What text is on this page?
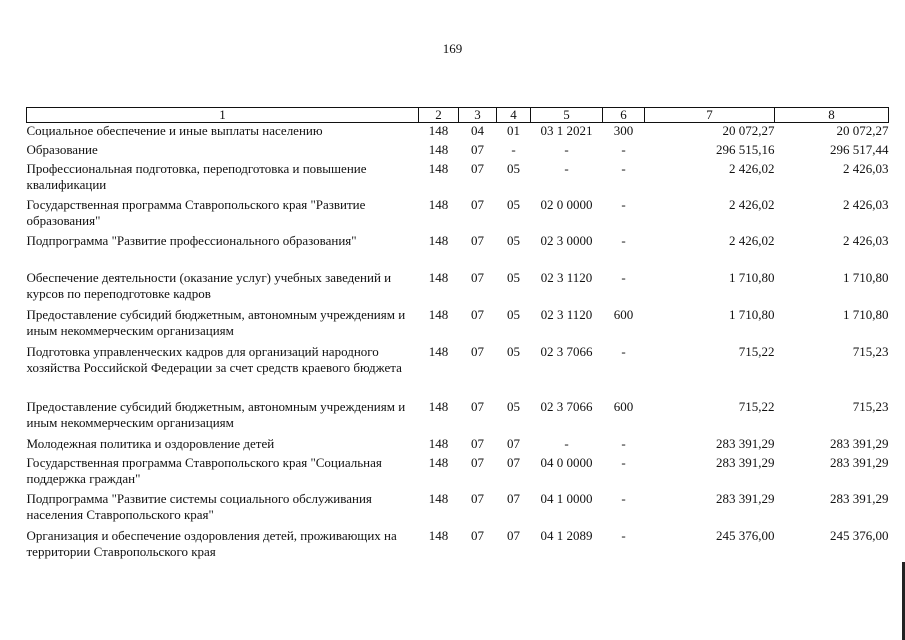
169
1	2	3	4	5	6	7	8
Социальное обеспечение и иные выплаты населению	148	04	01	03 1 2021	300	20 072,27	20 072,27
Образование	148	07	-	-	-	296 515,16	296 517,44
Профессиональная подготовка, переподготовка и повышение квалификации	148	07	05	-	-	2 426,02	2 426,03
Государственная программа Ставропольского края "Развитие образования"	148	07	05	02 0 0000	-	2 426,02	2 426,03
Подпрограмма "Развитие профессионального образования"	148	07	05	02 3 0000	-	2 426,02	2 426,03
Обеспечение деятельности (оказание услуг) учебных заведений и курсов по переподготовке кадров	148	07	05	02 3 1120	-	1 710,80	1 710,80
Предоставление субсидий бюджетным, автономным учреждениям и иным некоммерческим организациям	148	07	05	02 3 1120	600	1 710,80	1 710,80
Подготовка управленческих кадров для организаций народного хозяйства Российской Федерации за счет средств краевого бюджета	148	07	05	02 3 7066	-	715,22	715,23
Предоставление субсидий бюджетным, автономным учреждениям и иным некоммерческим организациям	148	07	05	02 3 7066	600	715,22	715,23
Молодежная политика и оздоровление детей	148	07	07	-	-	283 391,29	283 391,29
Государственная программа Ставропольского края "Социальная поддержка граждан"	148	07	07	04 0 0000	-	283 391,29	283 391,29
Подпрограмма "Развитие системы социального обслуживания населения Ставропольского края"	148	07	07	04 1 0000	-	283 391,29	283 391,29
Организация и обеспечение оздоровления детей, проживающих на территории Ставропольского края	148	07	07	04 1 2089	-	245 376,00	245 376,00
